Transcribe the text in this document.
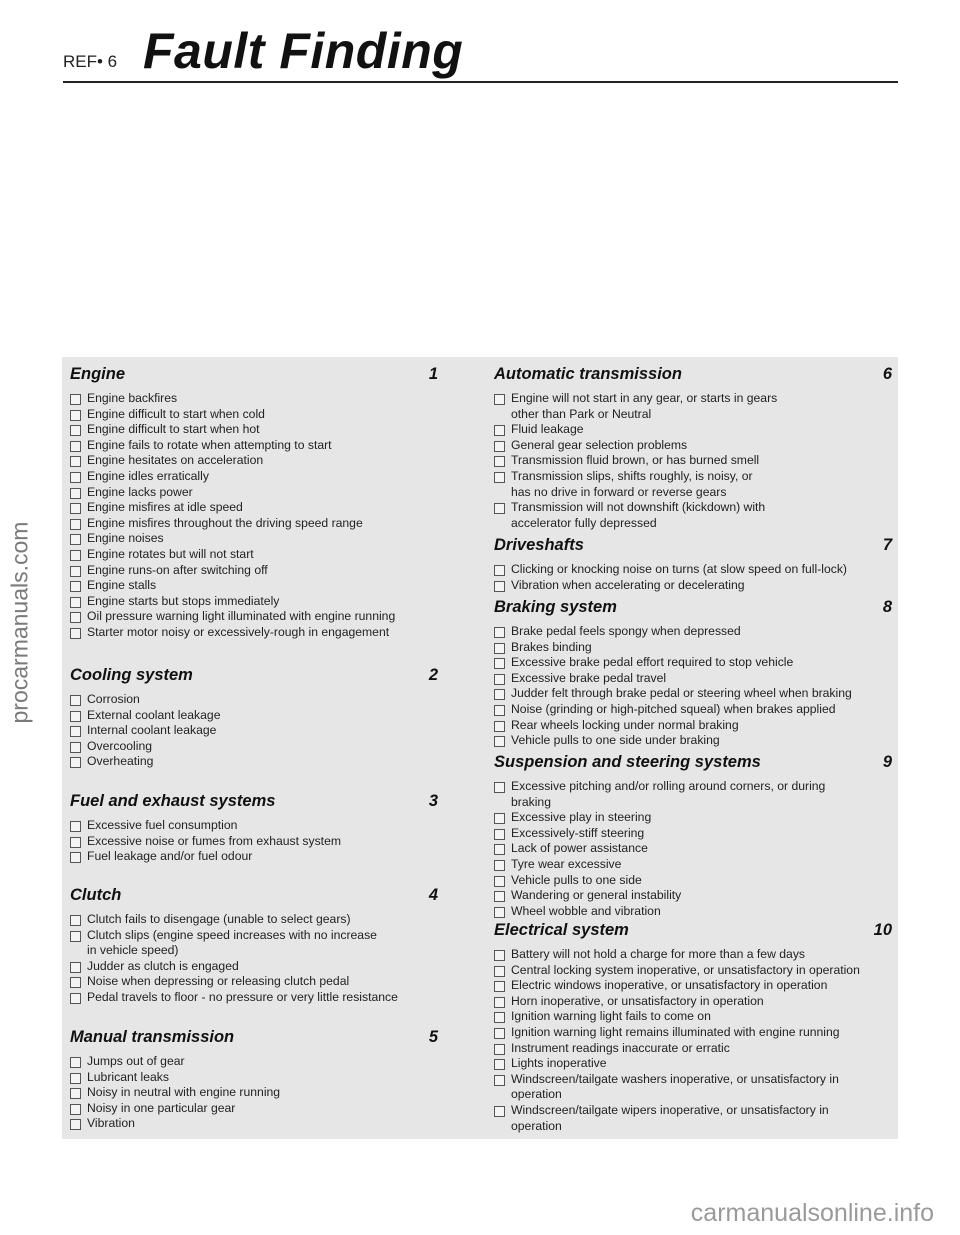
REF• 6 Fault Finding
procarmanuals.com
carmanualsonline.info
Engine	1
Engine backfires
Engine difficult to start when cold
Engine difficult to start when hot
Engine fails to rotate when attempting to start
Engine hesitates on acceleration
Engine idles erratically
Engine lacks power
Engine misfires at idle speed
Engine misfires throughout the driving speed range
Engine noises
Engine rotates but will not start
Engine runs-on after switching off
Engine stalls
Engine starts but stops immediately
Oil pressure warning light illuminated with engine running
Starter motor noisy or excessively-rough in engagement
Cooling system	2
Corrosion
External coolant leakage
Internal coolant leakage
Overcooling
Overheating
Fuel and exhaust systems	3
Excessive fuel consumption
Excessive noise or fumes from exhaust system
Fuel leakage and/or fuel odour
Clutch	4
Clutch fails to disengage (unable to select gears)
Clutch slips (engine speed increases with no increase
in vehicle speed)
Judder as clutch is engaged
Noise when depressing or releasing clutch pedal
Pedal travels to floor - no pressure or very little resistance
Manual transmission	5
Jumps out of gear
Lubricant leaks
Noisy in neutral with engine running
Noisy in one particular gear
Vibration
Automatic transmission	6
Engine will not start in any gear, or starts in gears
other than Park or Neutral
Fluid leakage
General gear selection problems
Transmission fluid brown, or has burned smell
Transmission slips, shifts roughly, is noisy, or
has no drive in forward or reverse gears
Transmission will not downshift (kickdown) with
accelerator fully depressed
Driveshafts	7
Clicking or knocking noise on turns (at slow speed on full-lock)
Vibration when accelerating or decelerating
Braking system	8
Brake pedal feels spongy when depressed
Brakes binding
Excessive brake pedal effort required to stop vehicle
Excessive brake pedal travel
Judder felt through brake pedal or steering wheel when braking
Noise (grinding or high-pitched squeal) when brakes applied
Rear wheels locking under normal braking
Vehicle pulls to one side under braking
Suspension and steering systems	9
Excessive pitching and/or rolling around corners, or during
braking
Excessive play in steering
Excessively-stiff steering
Lack of power assistance
Tyre wear excessive
Vehicle pulls to one side
Wandering or general instability
Wheel wobble and vibration
Electrical system	10
Battery will not hold a charge for more than a few days
Central locking system inoperative, or unsatisfactory in operation
Electric windows inoperative, or unsatisfactory in operation
Horn inoperative, or unsatisfactory in operation
Ignition warning light fails to come on
Ignition warning light remains illuminated with engine running
Instrument readings inaccurate or erratic
Lights inoperative
Windscreen/tailgate washers inoperative, or unsatisfactory in
operation
Windscreen/tailgate wipers inoperative, or unsatisfactory in
operation
